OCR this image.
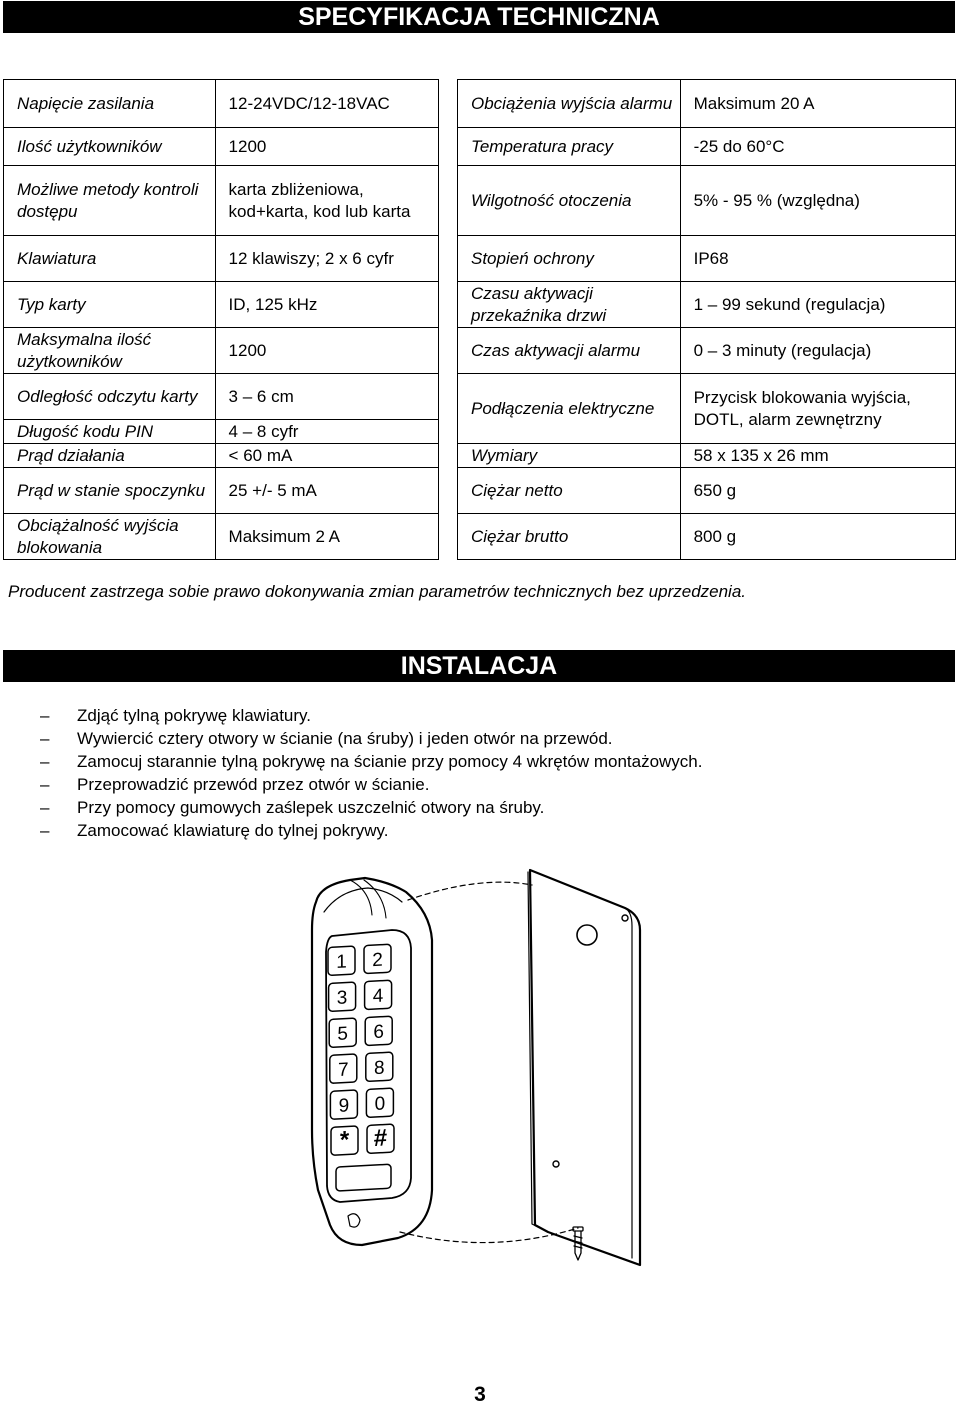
SPECYFIKACJA TECHNICZNA
Napięcie zasilania	12-24VDC/12-18VAC
Ilość użytkowników	1200
Możliwe metody kontroli dostępu	karta zbliżeniowa, kod+karta, kod lub karta
Klawiatura	12 klawiszy; 2 x 6 cyfr
Typ karty	ID, 125 kHz
Maksymalna ilość użytkowników	1200
Odległość odczytu karty	3 – 6 cm
Długość kodu PIN	4 – 8 cyfr
Prąd działania	< 60 mA
Prąd w stanie spoczynku	25 +/- 5 mA
Obciążalność wyjścia blokowania	Maksimum 2 A
Obciążenia wyjścia alarmu	Maksimum 20 A
Temperatura pracy	-25 do 60°C
Wilgotność otoczenia	5% - 95 % (względna)
Stopień ochrony	IP68
Czasu aktywacji przekaźnika drzwi	1 – 99 sekund (regulacja)
Czas aktywacji alarmu	0 – 3 minuty (regulacja)
Podłączenia elektryczne	Przycisk blokowania wyjścia, DOTL, alarm zewnętrzny
Wymiary	58 x 135 x 26 mm
Ciężar netto	650 g
Ciężar brutto	800 g
Producent zastrzega sobie prawo dokonywania zmian parametrów technicznych bez uprzedzenia.
INSTALACJA
– Zdjąć tylną pokrywę klawiatury.
– Wywiercić cztery otwory w ścianie (na śruby) i jeden otwór na przewód.
– Zamocuj starannie tylną pokrywę na ścianie przy pomocy 4 wkrętów montażowych.
– Przeprowadzić przewód przez otwór w ścianie.
– Przy pomocy gumowych zaślepek uszczelnić otwory na śruby.
– Zamocować klawiaturę do tylnej pokrywy.
1 2
3 4
5 6
7 8
9 0
* #
3
